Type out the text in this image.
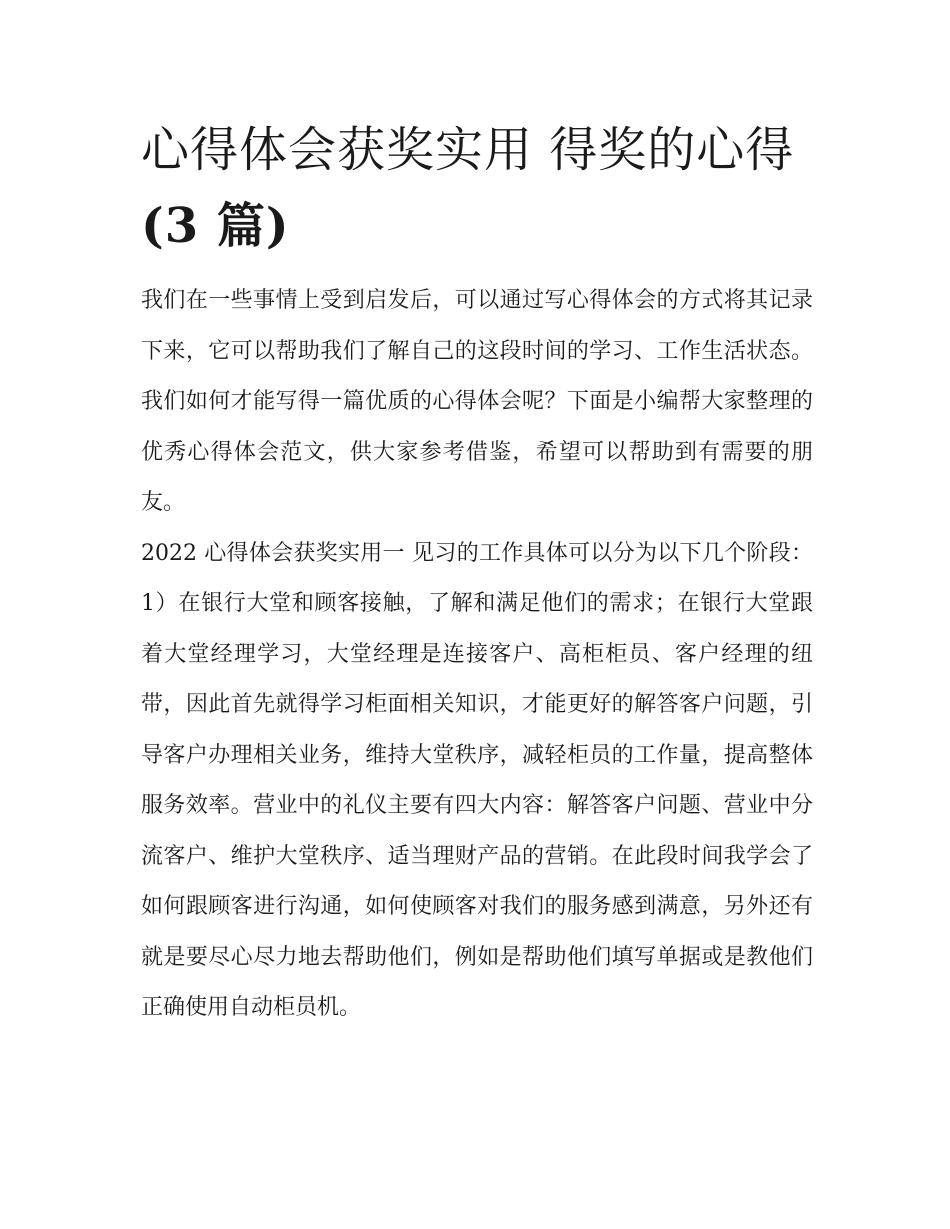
心得体会获奖实用 得奖的心得
(3 篇)

我们在一些事情上受到启发后，可以通过写心得体会的方式将其记录下来，它可以帮助我们了解自己的这段时间的学习、工作生活状态。我们如何才能写得一篇优质的心得体会呢？下面是小编帮大家整理的优秀心得体会范文，供大家参考借鉴，希望可以帮助到有需要的朋友。

2022 心得体会获奖实用一 见习的工作具体可以分为以下几个阶段：1）在银行大堂和顾客接触，了解和满足他们的需求；在银行大堂跟着大堂经理学习，大堂经理是连接客户、高柜柜员、客户经理的纽带，因此首先就得学习柜面相关知识，才能更好的解答客户问题，引导客户办理相关业务，维持大堂秩序，减轻柜员的工作量，提高整体服务效率。营业中的礼仪主要有四大内容：解答客户问题、营业中分流客户、维护大堂秩序、适当理财产品的营销。在此段时间我学会了如何跟顾客进行沟通，如何使顾客对我们的服务感到满意，另外还有就是要尽心尽力地去帮助他们，例如是帮助他们填写单据或是教他们正确使用自动柜员机。
